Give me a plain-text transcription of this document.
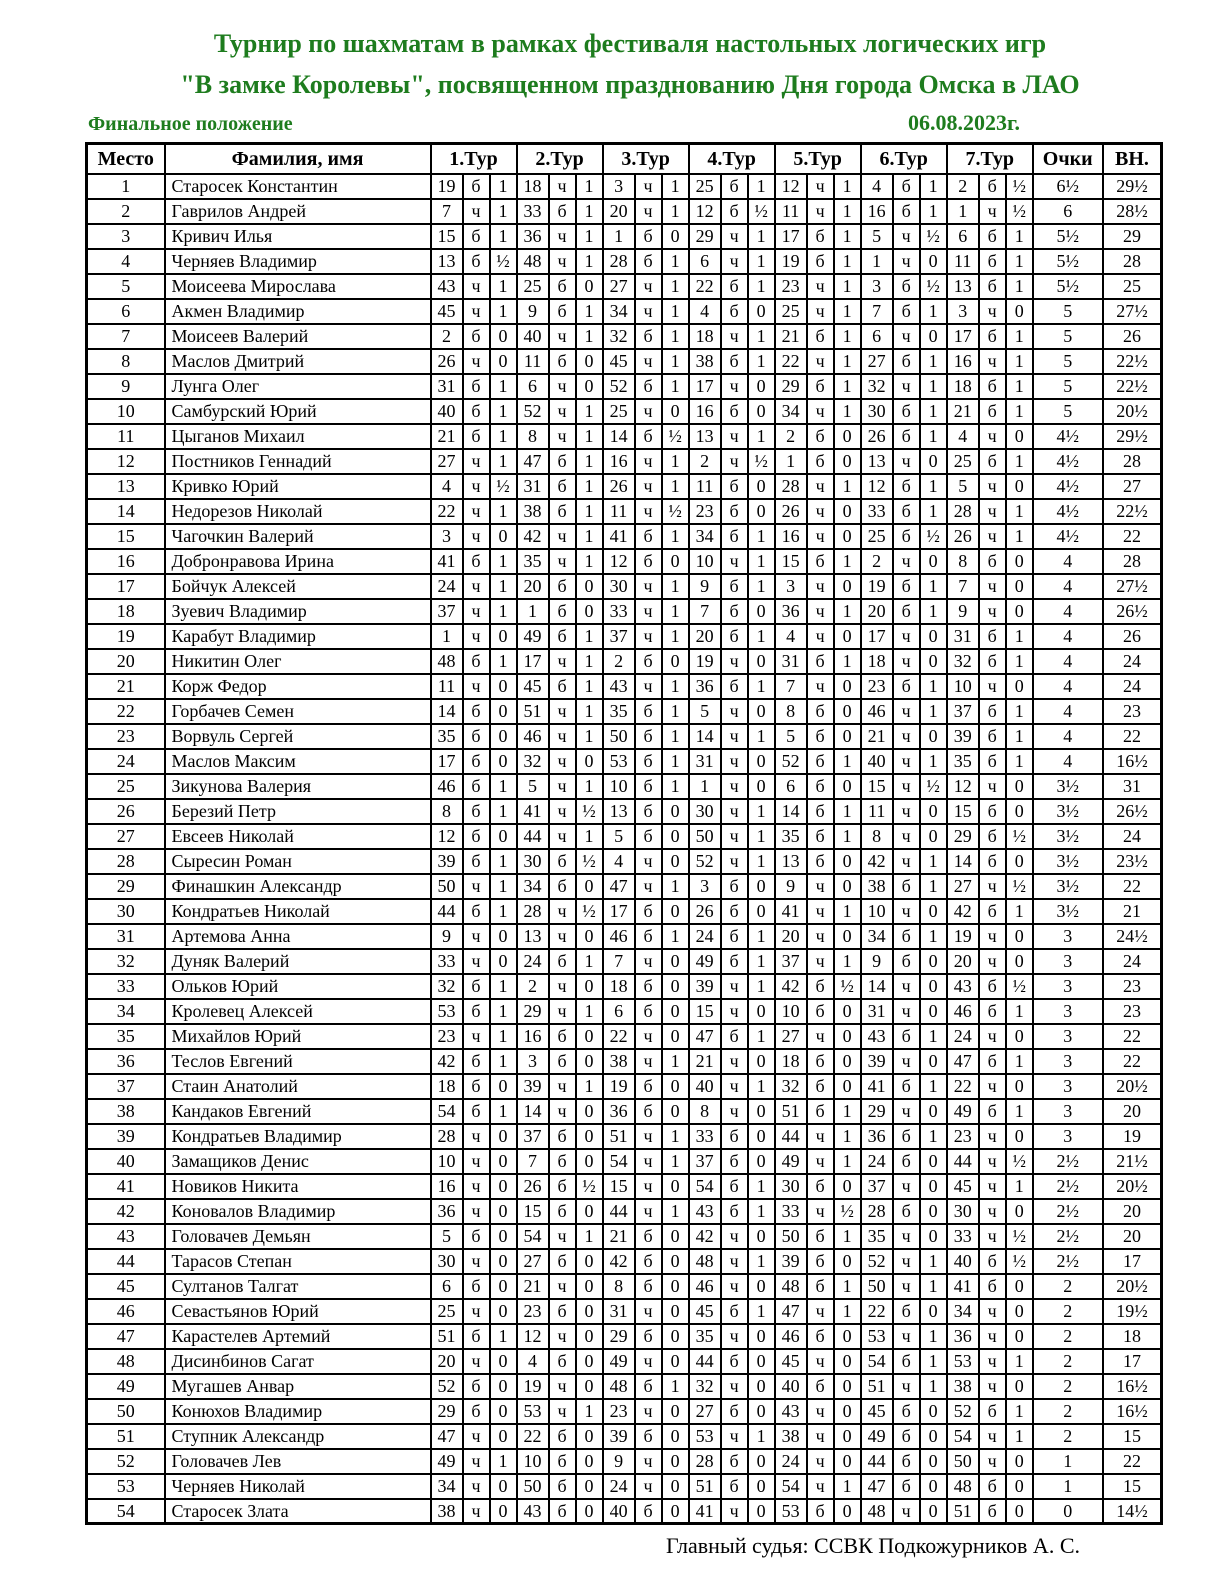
Турнир по шахматам в рамках фестиваля настольных логических игр
"В замке Королевы", посвященном празднованию Дня города Омска в ЛАО
Финальное положение	06.08.2023г.
Место	Фамилия, имя	1.Тур			2.Тур			3.Тур			4.Тур			5.Тур			6.Тур			7.Тур			Очки	ВН.
1	Старосек Константин	19	б	1	18	ч	1	3	ч	1	25	б	1	12	ч	1	4	б	1	2	б	½	6½	29½
2	Гаврилов Андрей	7	ч	1	33	б	1	20	ч	1	12	б	½	11	ч	1	16	б	1	1	ч	½	6	28½
3	Кривич Илья	15	б	1	36	ч	1	1	б	0	29	ч	1	17	б	1	5	ч	½	6	б	1	5½	29
4	Черняев Владимир	13	б	½	48	ч	1	28	б	1	6	ч	1	19	б	1	1	ч	0	11	б	1	5½	28
5	Моисеева Мирослава	43	ч	1	25	б	0	27	ч	1	22	б	1	23	ч	1	3	б	½	13	б	1	5½	25
6	Акмен Владимир	45	ч	1	9	б	1	34	ч	1	4	б	0	25	ч	1	7	б	1	3	ч	0	5	27½
7	Моисеев Валерий	2	б	0	40	ч	1	32	б	1	18	ч	1	21	б	1	6	ч	0	17	б	1	5	26
8	Маслов Дмитрий	26	ч	0	11	б	0	45	ч	1	38	б	1	22	ч	1	27	б	1	16	ч	1	5	22½
9	Лунга Олег	31	б	1	6	ч	0	52	б	1	17	ч	0	29	б	1	32	ч	1	18	б	1	5	22½
10	Самбурский Юрий	40	б	1	52	ч	1	25	ч	0	16	б	0	34	ч	1	30	б	1	21	б	1	5	20½
11	Цыганов Михаил	21	б	1	8	ч	1	14	б	½	13	ч	1	2	б	0	26	б	1	4	ч	0	4½	29½
12	Постников Геннадий	27	ч	1	47	б	1	16	ч	1	2	ч	½	1	б	0	13	ч	0	25	б	1	4½	28
13	Кривко Юрий	4	ч	½	31	б	1	26	ч	1	11	б	0	28	ч	1	12	б	1	5	ч	0	4½	27
14	Недорезов Николай	22	ч	1	38	б	1	11	ч	½	23	б	0	26	ч	0	33	б	1	28	ч	1	4½	22½
15	Чагочкин Валерий	3	ч	0	42	ч	1	41	б	1	34	б	1	16	ч	0	25	б	½	26	ч	1	4½	22
16	Добронравова Ирина	41	б	1	35	ч	1	12	б	0	10	ч	1	15	б	1	2	ч	0	8	б	0	4	28
17	Бойчук Алексей	24	ч	1	20	б	0	30	ч	1	9	б	1	3	ч	0	19	б	1	7	ч	0	4	27½
18	Зуевич Владимир	37	ч	1	1	б	0	33	ч	1	7	б	0	36	ч	1	20	б	1	9	ч	0	4	26½
19	Карабут Владимир	1	ч	0	49	б	1	37	ч	1	20	б	1	4	ч	0	17	ч	0	31	б	1	4	26
20	Никитин Олег	48	б	1	17	ч	1	2	б	0	19	ч	0	31	б	1	18	ч	0	32	б	1	4	24
21	Корж Федор	11	ч	0	45	б	1	43	ч	1	36	б	1	7	ч	0	23	б	1	10	ч	0	4	24
22	Горбачев Семен	14	б	0	51	ч	1	35	б	1	5	ч	0	8	б	0	46	ч	1	37	б	1	4	23
23	Ворвуль Сергей	35	б	0	46	ч	1	50	б	1	14	ч	1	5	б	0	21	ч	0	39	б	1	4	22
24	Маслов Максим	17	б	0	32	ч	0	53	б	1	31	ч	0	52	б	1	40	ч	1	35	б	1	4	16½
25	Зикунова Валерия	46	б	1	5	ч	1	10	б	1	1	ч	0	6	б	0	15	ч	½	12	ч	0	3½	31
26	Березий Петр	8	б	1	41	ч	½	13	б	0	30	ч	1	14	б	1	11	ч	0	15	б	0	3½	26½
27	Евсеев Николай	12	б	0	44	ч	1	5	б	0	50	ч	1	35	б	1	8	ч	0	29	б	½	3½	24
28	Сыресин Роман	39	б	1	30	б	½	4	ч	0	52	ч	1	13	б	0	42	ч	1	14	б	0	3½	23½
29	Финашкин Александр	50	ч	1	34	б	0	47	ч	1	3	б	0	9	ч	0	38	б	1	27	ч	½	3½	22
30	Кондратьев Николай	44	б	1	28	ч	½	17	б	0	26	б	0	41	ч	1	10	ч	0	42	б	1	3½	21
31	Артемова Анна	9	ч	0	13	ч	0	46	б	1	24	б	1	20	ч	0	34	б	1	19	ч	0	3	24½
32	Дуняк Валерий	33	ч	0	24	б	1	7	ч	0	49	б	1	37	ч	1	9	б	0	20	ч	0	3	24
33	Ольков Юрий	32	б	1	2	ч	0	18	б	0	39	ч	1	42	б	½	14	ч	0	43	б	½	3	23
34	Кролевец Алексей	53	б	1	29	ч	1	6	б	0	15	ч	0	10	б	0	31	ч	0	46	б	1	3	23
35	Михайлов Юрий	23	ч	1	16	б	0	22	ч	0	47	б	1	27	ч	0	43	б	1	24	ч	0	3	22
36	Теслов Евгений	42	б	1	3	б	0	38	ч	1	21	ч	0	18	б	0	39	ч	0	47	б	1	3	22
37	Стаин Анатолий	18	б	0	39	ч	1	19	б	0	40	ч	1	32	б	0	41	б	1	22	ч	0	3	20½
38	Кандаков Евгений	54	б	1	14	ч	0	36	б	0	8	ч	0	51	б	1	29	ч	0	49	б	1	3	20
39	Кондратьев Владимир	28	ч	0	37	б	0	51	ч	1	33	б	0	44	ч	1	36	б	1	23	ч	0	3	19
40	Замащиков Денис	10	ч	0	7	б	0	54	ч	1	37	б	0	49	ч	1	24	б	0	44	ч	½	2½	21½
41	Новиков Никита	16	ч	0	26	б	½	15	ч	0	54	б	1	30	б	0	37	ч	0	45	ч	1	2½	20½
42	Коновалов Владимир	36	ч	0	15	б	0	44	ч	1	43	б	1	33	ч	½	28	б	0	30	ч	0	2½	20
43	Головачев Демьян	5	б	0	54	ч	1	21	б	0	42	ч	0	50	б	1	35	ч	0	33	ч	½	2½	20
44	Тарасов Степан	30	ч	0	27	б	0	42	б	0	48	ч	1	39	б	0	52	ч	1	40	б	½	2½	17
45	Султанов Талгат	6	б	0	21	ч	0	8	б	0	46	ч	0	48	б	1	50	ч	1	41	б	0	2	20½
46	Севастьянов Юрий	25	ч	0	23	б	0	31	ч	0	45	б	1	47	ч	1	22	б	0	34	ч	0	2	19½
47	Карастелев Артемий	51	б	1	12	ч	0	29	б	0	35	ч	0	46	б	0	53	ч	1	36	ч	0	2	18
48	Дисинбинов Сагат	20	ч	0	4	б	0	49	ч	0	44	б	0	45	ч	0	54	б	1	53	ч	1	2	17
49	Мугашев Анвар	52	б	0	19	ч	0	48	б	1	32	ч	0	40	б	0	51	ч	1	38	ч	0	2	16½
50	Конюхов Владимир	29	б	0	53	ч	1	23	ч	0	27	б	0	43	ч	0	45	б	0	52	б	1	2	16½
51	Ступник Александр	47	ч	0	22	б	0	39	б	0	53	ч	1	38	ч	0	49	б	0	54	ч	1	2	15
52	Головачев Лев	49	ч	1	10	б	0	9	ч	0	28	б	0	24	ч	0	44	б	0	50	ч	0	1	22
53	Черняев Николай	34	ч	0	50	б	0	24	ч	0	51	б	0	54	ч	1	47	б	0	48	б	0	1	15
54	Старосек Злата	38	ч	0	43	б	0	40	б	0	41	ч	0	53	б	0	48	ч	0	51	б	0	0	14½
Главный судья: ССВК Подкожурников А. С.
